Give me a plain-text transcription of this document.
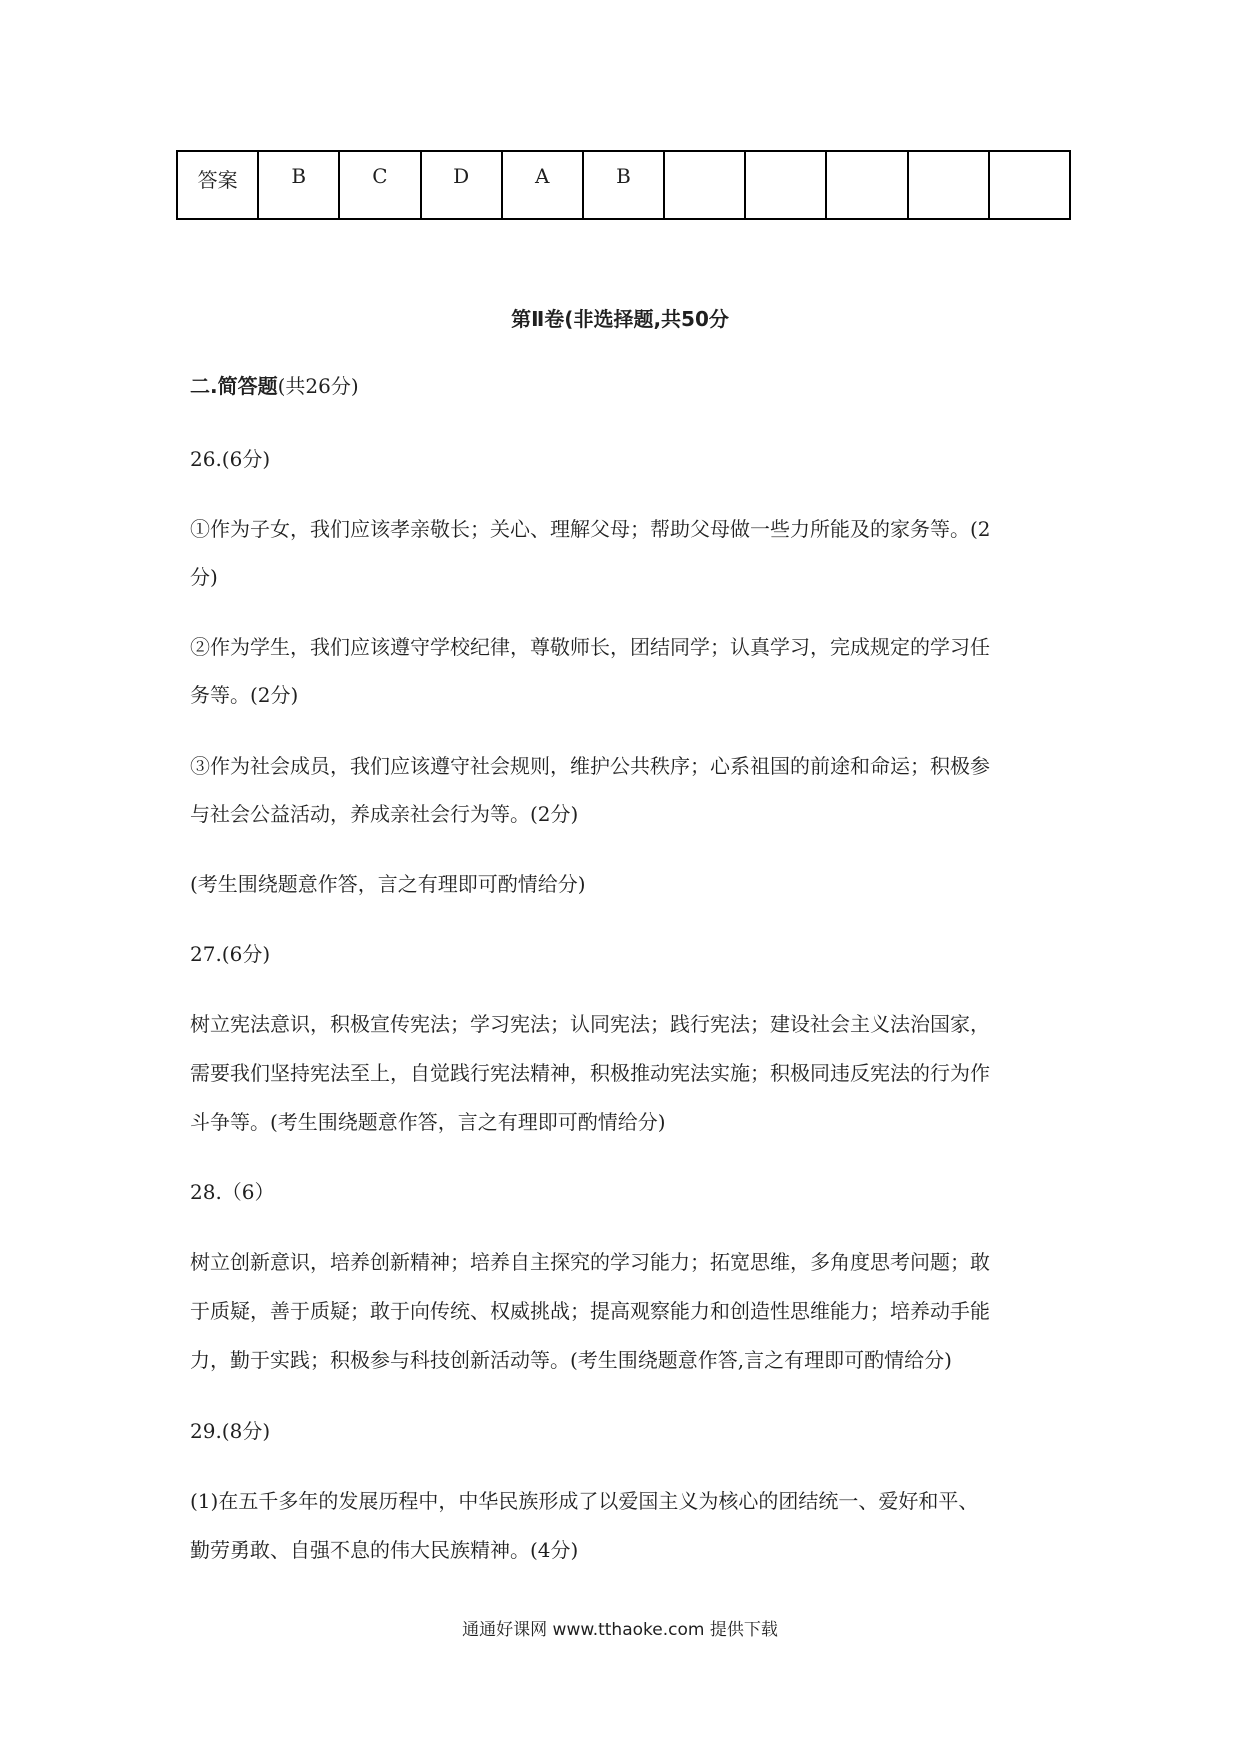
答案	B	C	D	A	B					
第Ⅱ卷(非选择题,共50分
二.简答题(共26分)
26.(6分)
①作为子女，我们应该孝亲敬长；关心、理解父母；帮助父母做一些力所能及的家务等。(2
分)
②作为学生，我们应该遵守学校纪律，尊敬师长，团结同学；认真学习，完成规定的学习任
务等。(2分)
③作为社会成员，我们应该遵守社会规则，维护公共秩序；心系祖国的前途和命运；积极参
与社会公益活动，养成亲社会行为等。(2分)
(考生围绕题意作答，言之有理即可酌情给分)
27.(6分)
树立宪法意识，积极宣传宪法；学习宪法；认同宪法；践行宪法；建设社会主义法治国家，
需要我们坚持宪法至上，自觉践行宪法精神，积极推动宪法实施；积极同违反宪法的行为作
斗争等。(考生围绕题意作答，言之有理即可酌情给分)
28.（6）
树立创新意识，培养创新精神；培养自主探究的学习能力；拓宽思维，多角度思考问题；敢
于质疑，善于质疑；敢于向传统、权威挑战；提高观察能力和创造性思维能力；培养动手能
力，勤于实践；积极参与科技创新活动等。(考生围绕题意作答,言之有理即可酌情给分)
29.(8分)
(1)在五千多年的发展历程中，中华民族形成了以爱国主义为核心的团结统一、爱好和平、
勤劳勇敢、自强不息的伟大民族精神。(4分)
通通好课网 www.tthaoke.com 提供下载
